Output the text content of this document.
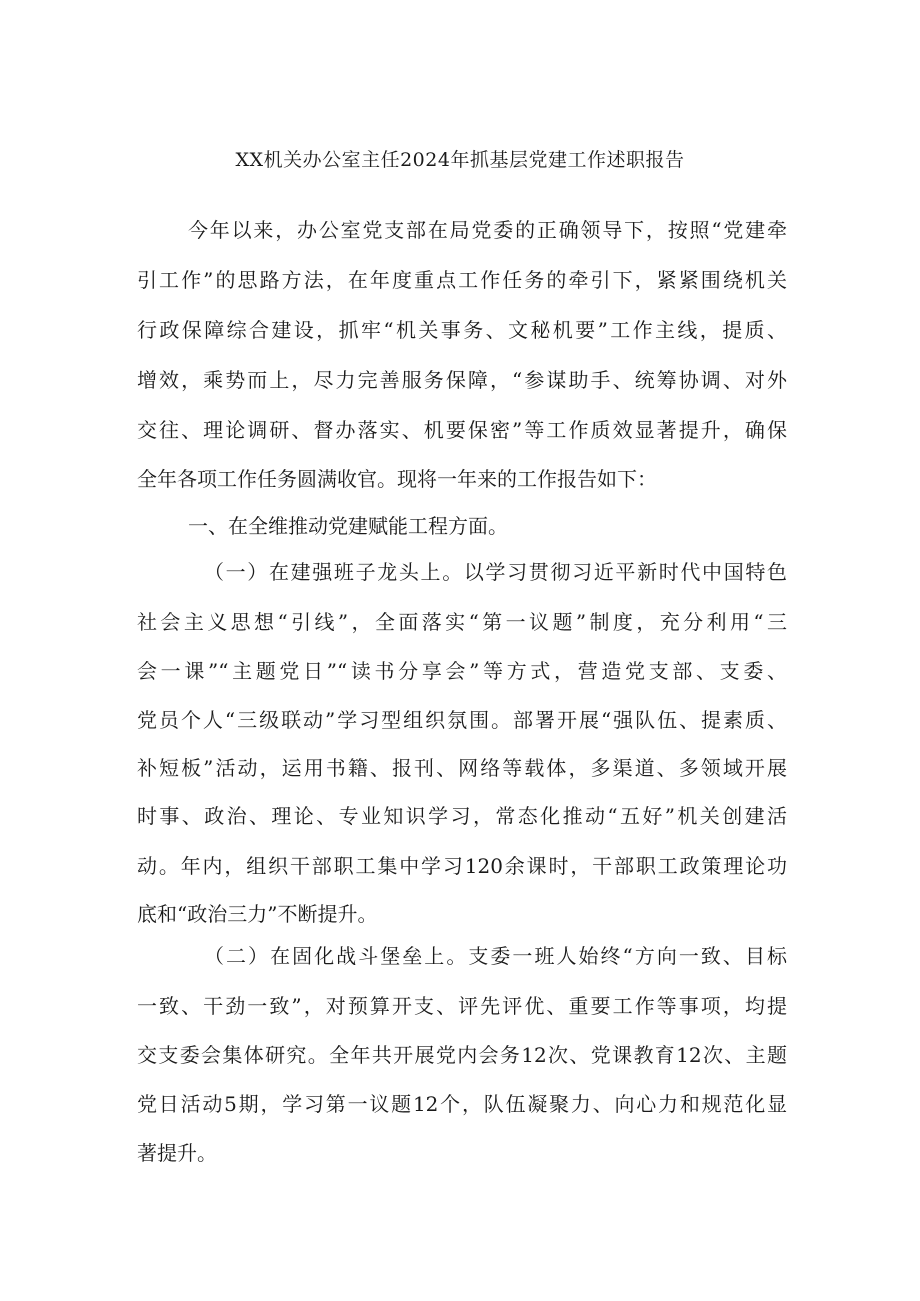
XX机关办公室主任2024年抓基层党建工作述职报告
今年以来，办公室党支部在局党委的正确领导下，按照“党建牵
引工作”的思路方法，在年度重点工作任务的牵引下，紧紧围绕机关
行政保障综合建设，抓牢“机关事务、文秘机要”工作主线，提质、
增效，乘势而上，尽力完善服务保障，“参谋助手、统筹协调、对外
交往、理论调研、督办落实、机要保密”等工作质效显著提升，确保
全年各项工作任务圆满收官。现将一年来的工作报告如下：
一、在全维推动党建赋能工程方面。
（一）在建强班子龙头上。以学习贯彻习近平新时代中国特色
社会主义思想“引线”，全面落实“第一议题”制度，充分利用“三
会一课”“主题党日”“读书分享会”等方式，营造党支部、支委、
党员个人“三级联动”学习型组织氛围。部署开展“强队伍、提素质、
补短板”活动，运用书籍、报刊、网络等载体，多渠道、多领域开展
时事、政治、理论、专业知识学习，常态化推动“五好”机关创建活
动。年内，组织干部职工集中学习120余课时，干部职工政策理论功
底和“政治三力”不断提升。
（二）在固化战斗堡垒上。支委一班人始终“方向一致、目标
一致、干劲一致”，对预算开支、评先评优、重要工作等事项，均提
交支委会集体研究。全年共开展党内会务12次、党课教育12次、主题
党日活动5期，学习第一议题12个，队伍凝聚力、向心力和规范化显
著提升。
